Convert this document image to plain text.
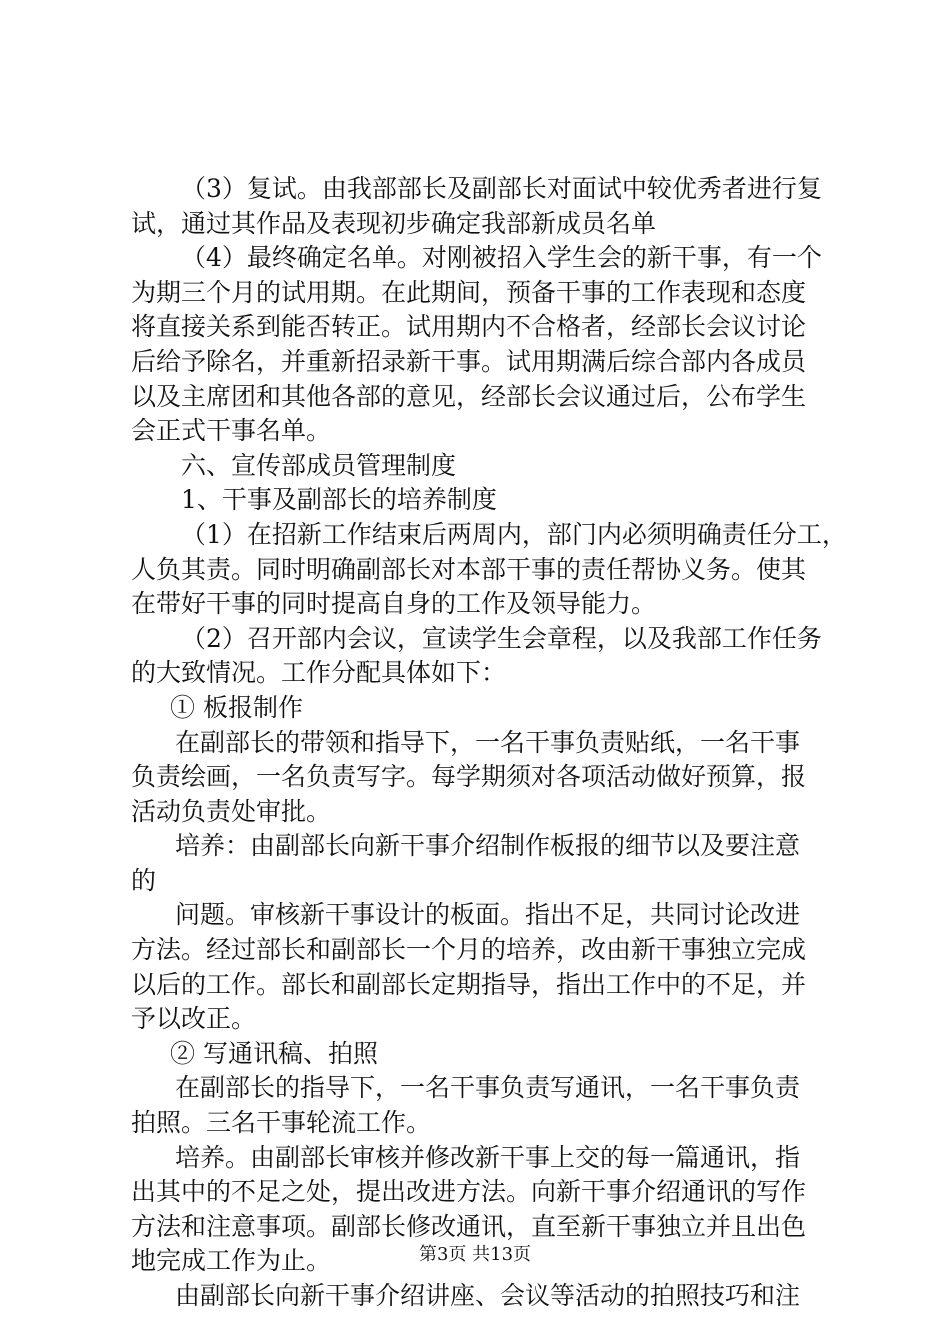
（3）复试。由我部部长及副部长对面试中较优秀者进行复
试，通过其作品及表现初步确定我部新成员名单
（4）最终确定名单。对刚被招入学生会的新干事，有一个
为期三个月的试用期。在此期间，预备干事的工作表现和态度
将直接关系到能否转正。试用期内不合格者，经部长会议讨论
后给予除名，并重新招录新干事。试用期满后综合部内各成员
以及主席团和其他各部的意见，经部长会议通过后，公布学生
会正式干事名单。
六、宣传部成员管理制度
1、干事及副部长的培养制度
（1）在招新工作结束后两周内，部门内必须明确责任分工，
人负其责。同时明确副部长对本部干事的责任帮协义务。使其
在带好干事的同时提高自身的工作及领导能力。
（2）召开部内会议，宣读学生会章程，以及我部工作任务
的大致情况。工作分配具体如下：
① 板报制作
在副部长的带领和指导下，一名干事负责贴纸，一名干事
负责绘画，一名负责写字。每学期须对各项活动做好预算，报
活动负责处审批。
培养：由副部长向新干事介绍制作板报的细节以及要注意
的
问题。审核新干事设计的板面。指出不足，共同讨论改进
方法。经过部长和副部长一个月的培养，改由新干事独立完成
以后的工作。部长和副部长定期指导，指出工作中的不足，并
予以改正。
② 写通讯稿、拍照
在副部长的指导下，一名干事负责写通讯，一名干事负责
拍照。三名干事轮流工作。
培养。由副部长审核并修改新干事上交的每一篇通讯，指
出其中的不足之处，提出改进方法。向新干事介绍通讯的写作
方法和注意事项。副部长修改通讯，直至新干事独立并且出色
地完成工作为止。
由副部长向新干事介绍讲座、会议等活动的拍照技巧和注
第3页 共13页
